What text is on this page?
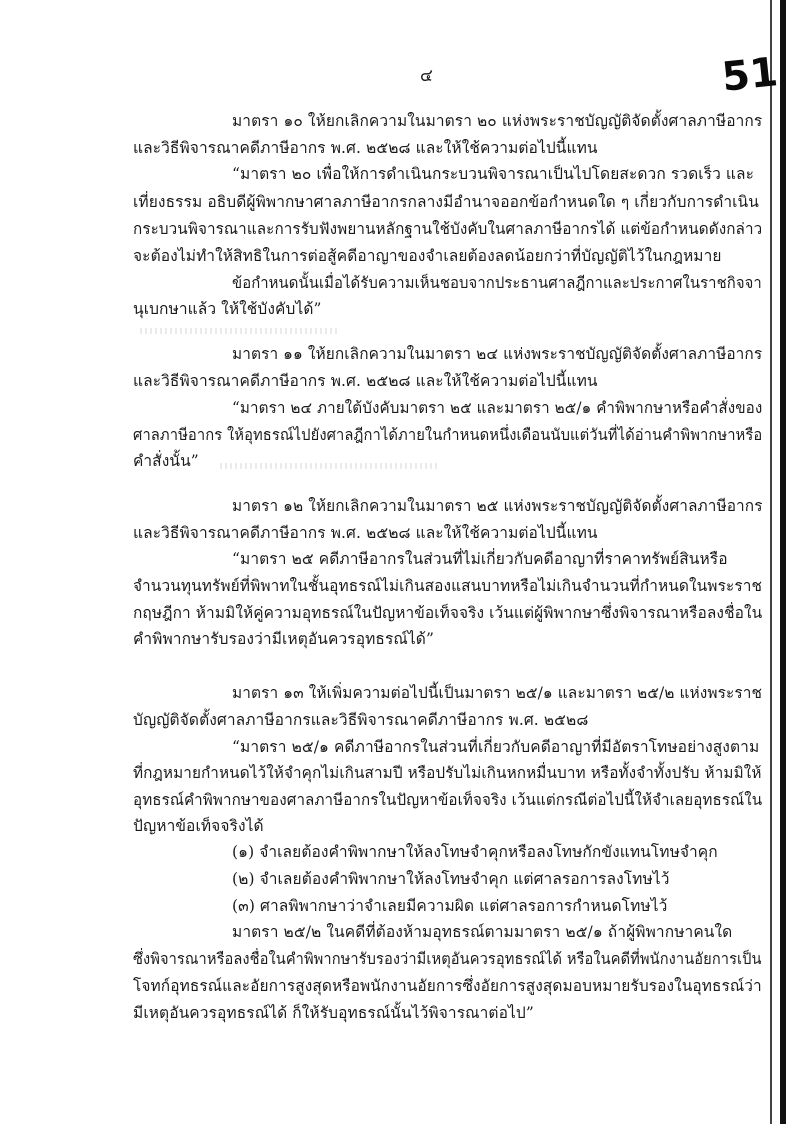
๔	51
มาตรา ๑๐ ให้ยกเลิกความในมาตรา ๒๐ แห่งพระราชบัญญัติจัดตั้งศาลภาษีอากร
และวิธีพิจารณาคดีภาษีอากร พ.ศ. ๒๕๒๘ และให้ใช้ความต่อไปนี้แทน
“มาตรา ๒๐ เพื่อให้การดำเนินกระบวนพิจารณาเป็นไปโดยสะดวก รวดเร็ว และ
เที่ยงธรรม อธิบดีผู้พิพากษาศาลภาษีอากรกลางมีอำนาจออกข้อกำหนดใด ๆ เกี่ยวกับการดำเนิน
กระบวนพิจารณาและการรับฟังพยานหลักฐานใช้บังคับในศาลภาษีอากรได้ แต่ข้อกำหนดดังกล่าว
จะต้องไม่ทำให้สิทธิในการต่อสู้คดีอาญาของจำเลยต้องลดน้อยกว่าที่บัญญัติไว้ในกฎหมาย
ข้อกำหนดนั้นเมื่อได้รับความเห็นชอบจากประธานศาลฎีกาและประกาศในราชกิจจา
นุเบกษาแล้ว ให้ใช้บังคับได้”
มาตรา ๑๑ ให้ยกเลิกความในมาตรา ๒๔ แห่งพระราชบัญญัติจัดตั้งศาลภาษีอากร
และวิธีพิจารณาคดีภาษีอากร พ.ศ. ๒๕๒๘ และให้ใช้ความต่อไปนี้แทน
“มาตรา ๒๔ ภายใต้บังคับมาตรา ๒๕ และมาตรา ๒๕/๑ คำพิพากษาหรือคำสั่งของ
ศาลภาษีอากร ให้อุทธรณ์ไปยังศาลฎีกาได้ภายในกำหนดหนึ่งเดือนนับแต่วันที่ได้อ่านคำพิพากษาหรือ
คำสั่งนั้น”
มาตรา ๑๒ ให้ยกเลิกความในมาตรา ๒๕ แห่งพระราชบัญญัติจัดตั้งศาลภาษีอากร
และวิธีพิจารณาคดีภาษีอากร พ.ศ. ๒๕๒๘ และให้ใช้ความต่อไปนี้แทน
“มาตรา ๒๕ คดีภาษีอากรในส่วนที่ไม่เกี่ยวกับคดีอาญาที่ราคาทรัพย์สินหรือ
จำนวนทุนทรัพย์ที่พิพาทในชั้นอุทธรณ์ไม่เกินสองแสนบาทหรือไม่เกินจำนวนที่กำหนดในพระราช
กฤษฎีกา ห้ามมิให้คู่ความอุทธรณ์ในปัญหาข้อเท็จจริง เว้นแต่ผู้พิพากษาซึ่งพิจารณาหรือลงชื่อใน
คำพิพากษารับรองว่ามีเหตุอันควรอุทธรณ์ได้”
มาตรา ๑๓ ให้เพิ่มความต่อไปนี้เป็นมาตรา ๒๕/๑ และมาตรา ๒๕/๒ แห่งพระราช
บัญญัติจัดตั้งศาลภาษีอากรและวิธีพิจารณาคดีภาษีอากร พ.ศ. ๒๕๒๘
“มาตรา ๒๕/๑ คดีภาษีอากรในส่วนที่เกี่ยวกับคดีอาญาที่มีอัตราโทษอย่างสูงตาม
ที่กฎหมายกำหนดไว้ให้จำคุกไม่เกินสามปี หรือปรับไม่เกินหกหมื่นบาท หรือทั้งจำทั้งปรับ ห้ามมิให้
อุทธรณ์คำพิพากษาของศาลภาษีอากรในปัญหาข้อเท็จจริง เว้นแต่กรณีต่อไปนี้ให้จำเลยอุทธรณ์ใน
ปัญหาข้อเท็จจริงได้
(๑) จำเลยต้องคำพิพากษาให้ลงโทษจำคุกหรือลงโทษกักขังแทนโทษจำคุก
(๒) จำเลยต้องคำพิพากษาให้ลงโทษจำคุก แต่ศาลรอการลงโทษไว้
(๓) ศาลพิพากษาว่าจำเลยมีความผิด แต่ศาลรอการกำหนดโทษไว้
มาตรา ๒๕/๒ ในคดีที่ต้องห้ามอุทธรณ์ตามมาตรา ๒๕/๑ ถ้าผู้พิพากษาคนใด
ซึ่งพิจารณาหรือลงชื่อในคำพิพากษารับรองว่ามีเหตุอันควรอุทธรณ์ได้ หรือในคดีที่พนักงานอัยการเป็น
โจทก์อุทธรณ์และอัยการสูงสุดหรือพนักงานอัยการซึ่งอัยการสูงสุดมอบหมายรับรองในอุทธรณ์ว่า
มีเหตุอันควรอุทธรณ์ได้ ก็ให้รับอุทธรณ์นั้นไว้พิจารณาต่อไป”
